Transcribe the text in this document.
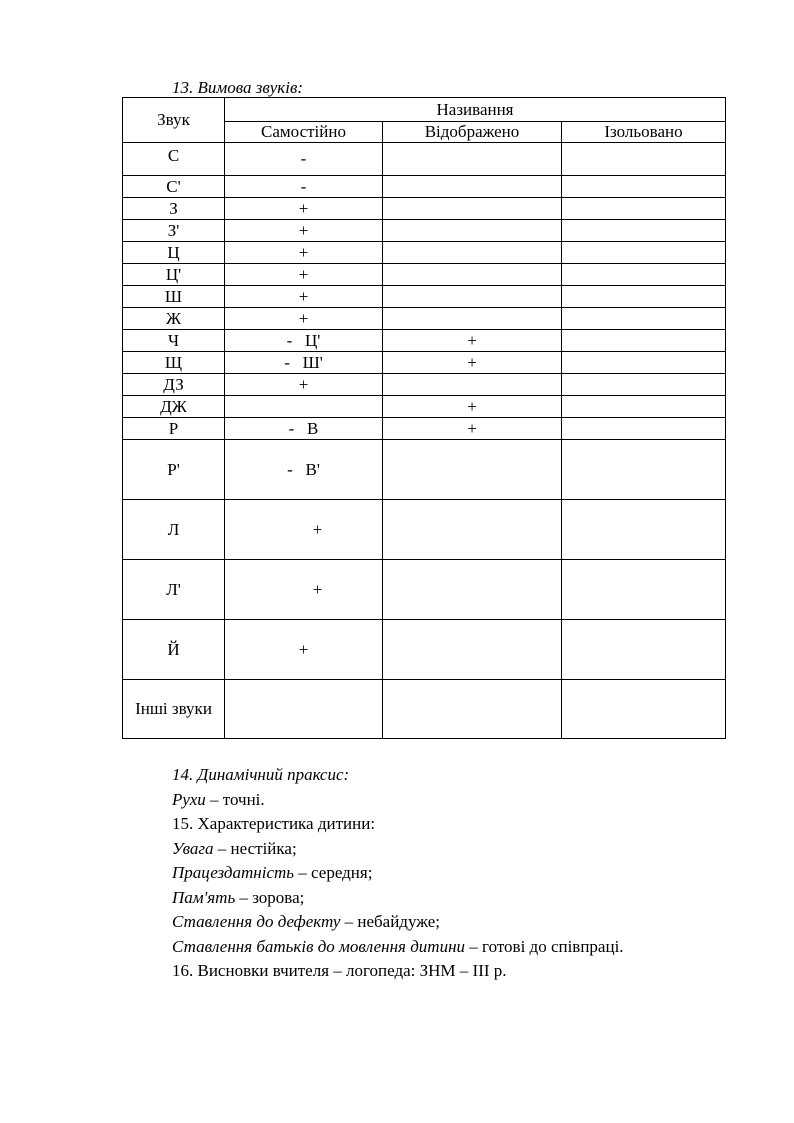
13. Вимова звуків:
Звук	Називання		
	Самостійно	Відображено	Ізольовано
С	-		
С'	-		
З	+		
З'	+		
Ц	+		
Ц'	+		
Ш	+		
Ж	+		
Ч	-   Ц'	+	
Щ	-   Ш'	+	
ДЗ	+		
ДЖ		+	
Р	-   В	+	
Р'	-   В'		
Л	+		
Л'	+		
Й	+		
Інші звуки			
14. Динамічний праксис:
Рухи – точні.
15. Характеристика дитини:
Увага – нестійка;
Працездатність – середня;
Пам'ять – зорова;
Ставлення до дефекту – небайдуже;
Ставлення батьків до мовлення дитини – готові до співпраці.
16. Висновки вчителя – логопеда: ЗНМ – ІІІ р.
